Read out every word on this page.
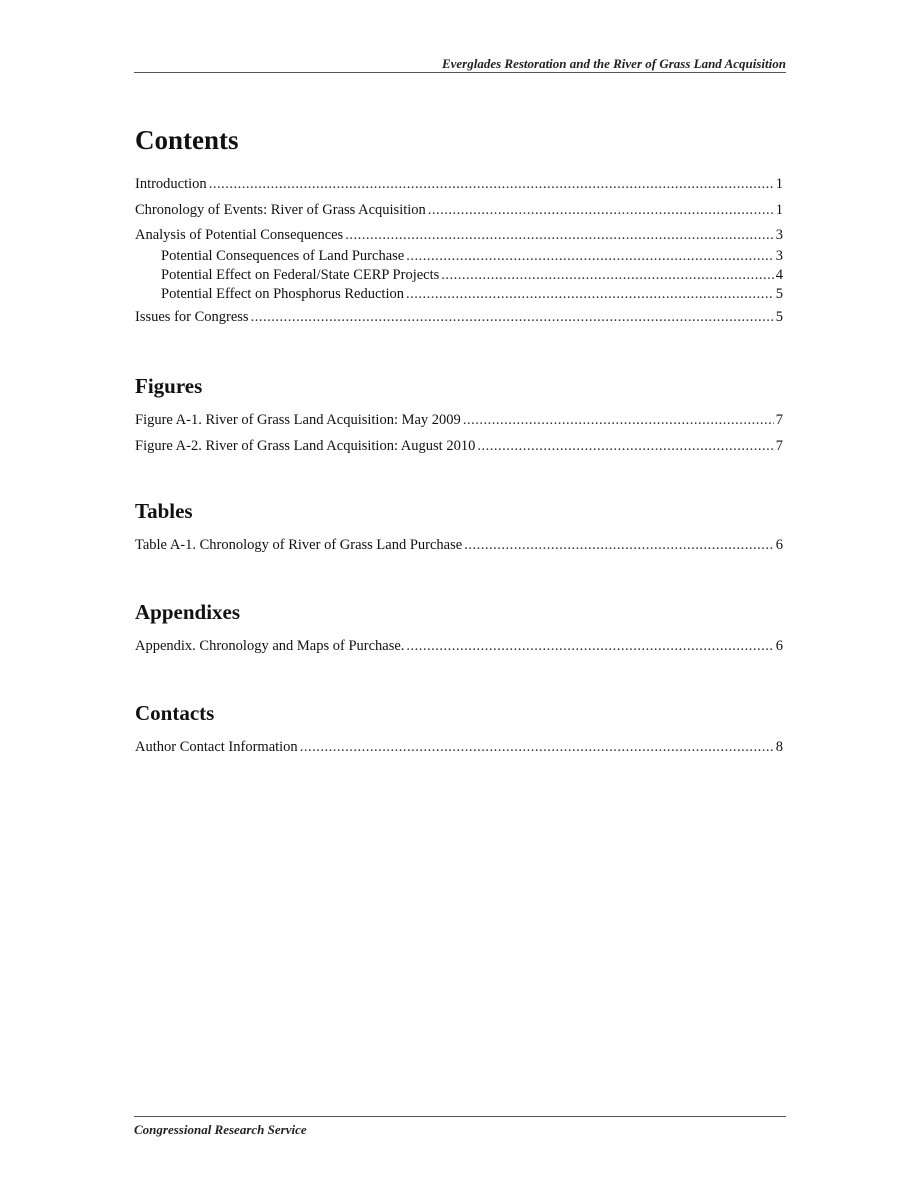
Everglades Restoration and the River of Grass Land Acquisition
Contents
Introduction .....	1
Chronology of Events: River of Grass Acquisition .....	1
Analysis of Potential Consequences .....	3
Potential Consequences of Land Purchase .....	3
Potential Effect on Federal/State CERP Projects .....	4
Potential Effect on Phosphorus Reduction .....	5
Issues for Congress .....	5
Figures
Figure A-1. River of Grass Land Acquisition: May 2009 .....	7
Figure A-2. River of Grass Land Acquisition: August 2010 .....	7
Tables
Table A-1. Chronology of River of Grass Land Purchase .....	6
Appendixes
Appendix. Chronology and Maps of Purchase. .....	6
Contacts
Author Contact Information .....	8
Congressional Research Service
